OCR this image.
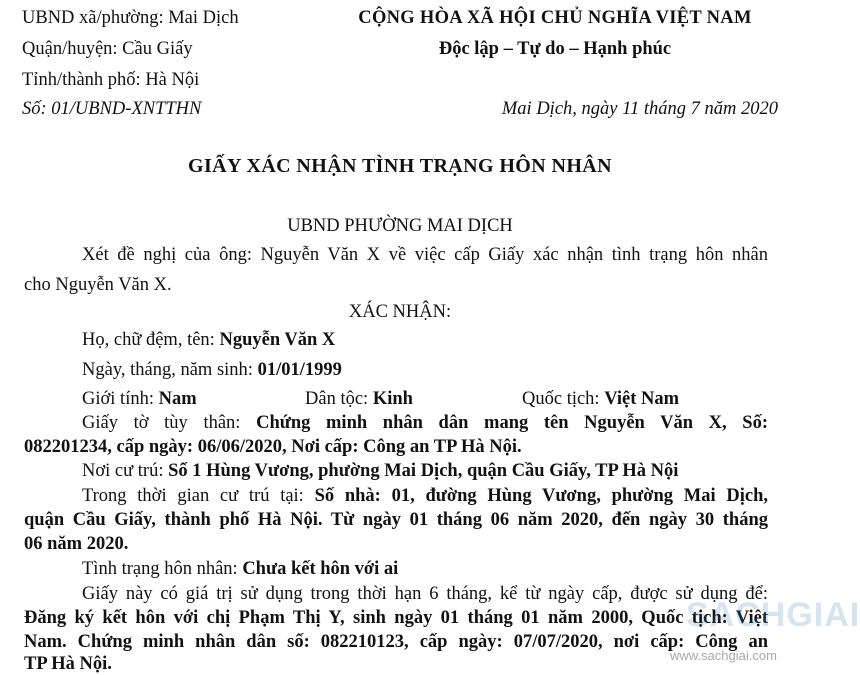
UBND xã/phường: Mai Dịch
Quận/huyện: Cầu Giấy
Tỉnh/thành phố: Hà Nội
Số: 01/UBND-XNTTHN
CỘNG HÒA XÃ HỘI CHỦ NGHĨA VIỆT NAM
Độc lập – Tự do – Hạnh phúc
Mai Dịch, ngày 11 tháng 7 năm 2020
GIẤY XÁC NHẬN TÌNH TRẠNG HÔN NHÂN
UBND PHƯỜNG MAI DỊCH
Xét đề nghị của ông: Nguyễn Văn X về việc cấp Giấy xác nhận tình trạng hôn nhân
cho Nguyễn Văn X.
XÁC NHẬN:
Họ, chữ đệm, tên: Nguyễn Văn X
Ngày, tháng, năm sinh: 01/01/1999
Giới tính: Nam	Dân tộc: Kinh	Quốc tịch: Việt Nam
Giấy tờ tùy thân: Chứng minh nhân dân mang tên Nguyễn Văn X, Số:
082201234, cấp ngày: 06/06/2020, Nơi cấp: Công an TP Hà Nội.
Nơi cư trú: Số 1 Hùng Vương, phường Mai Dịch, quận Cầu Giấy, TP Hà Nội
Trong thời gian cư trú tại: Số nhà: 01, đường Hùng Vương, phường Mai Dịch,
quận Cầu Giấy, thành phố Hà Nội. Từ ngày 01 tháng 06 năm 2020, đến ngày 30 tháng
06 năm 2020.
Tình trạng hôn nhân: Chưa kết hôn với ai
Giấy này có giá trị sử dụng trong thời hạn 6 tháng, kể từ ngày cấp, được sử dụng để:
Đăng ký kết hôn với chị Phạm Thị Y, sinh ngày 01 tháng 01 năm 2000, Quốc tịch: Việt
Nam. Chứng minh nhân dân số: 082210123, cấp ngày: 07/07/2020, nơi cấp: Công an
TP Hà Nội.
SACHGIAI
www.sachgiai.com
